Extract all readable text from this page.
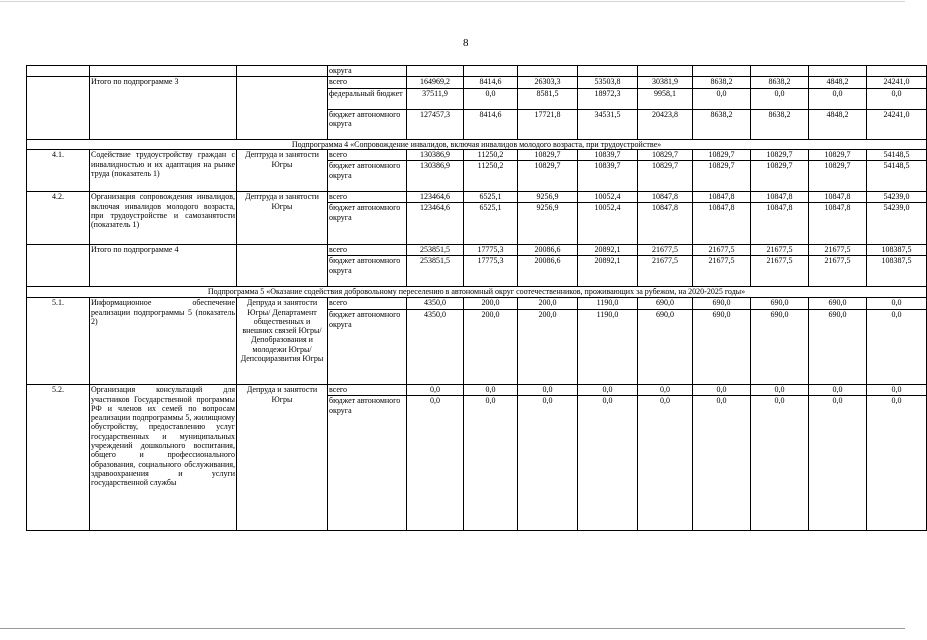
8
			округа									
	Итого по подпрограмме 3		всего	164969,2	8414,6	26303,3	53503,8	30381,9	8638,2	8638,2	4848,2	24241,0
			федеральный бюджет	37511,9	0,0	8581,5	18972,3	9958,1	0,0	0,0	0,0	0,0
			бюджет автономного округа	127457,3	8414,6	17721,8	34531,5	20423,8	8638,2	8638,2	4848,2	24241,0
Подпрограмма 4 «Сопровождение инвалидов, включая инвалидов молодого возраста, при трудоустройстве»												
4.1.	Содействие трудоустройству граждан с инвалидностью и их адаптация на рынке труда (показатель 1)	Дептруда и занятости Югры	всего	130386,9	11250,2	10829,7	10839,7	10829,7	10829,7	10829,7	10829,7	54148,5
			бюджет автономного округа	130386,9	11250,2	10829,7	10839,7	10829,7	10829,7	10829,7	10829,7	54148,5
4.2.	Организация сопровождения инвалидов, включая инвалидов молодого возраста, при трудоустройстве и самозанятости (показатель 1)	Дептруда и занятости Югры	всего	123464,6	6525,1	9256,9	10052,4	10847,8	10847,8	10847,8	10847,8	54239,0
			бюджет автономного округа	123464,6	6525,1	9256,9	10052,4	10847,8	10847,8	10847,8	10847,8	54239,0
	Итого по подпрограмме 4		всего	253851,5	17775,3	20086,6	20892,1	21677,5	21677,5	21677,5	21677,5	108387,5
			бюджет автономного округа	253851,5	17775,3	20086,6	20892,1	21677,5	21677,5	21677,5	21677,5	108387,5
Подпрограмма 5 «Оказание содействия добровольному переселению в автономный округ соотечественников, проживающих за рубежом, на 2020-2025 годы»												
5.1.	Информационное обеспечение реализации подпрограммы 5 (показатель 2)	Депруда и занятости Югры/ Департамент общественных и внешних связей Югры/Депобразования и молодежи Югры/ Депсоциразвития Югры	всего	4350,0	200,0	200,0	1190,0	690,0	690,0	690,0	690,0	0,0
			бюджет автономного округа	4350,0	200,0	200,0	1190,0	690,0	690,0	690,0	690,0	0,0
5.2.	Организация консультаций для участников Государственной программы РФ и членов их семей по вопросам реализации подпрограммы 5, жилищному обустройству, предоставлению услуг государственных и муниципальных учреждений дошкольного воспитания, общего и профессионального образования, социального обслуживания, здравоохранения и услуги государственной службы	Депруда и занятости Югры	всего	0,0	0,0	0,0	0,0	0,0	0,0	0,0	0,0	0,0
			бюджет автономного округа	0,0	0,0	0,0	0,0	0,0	0,0	0,0	0,0	0,0
